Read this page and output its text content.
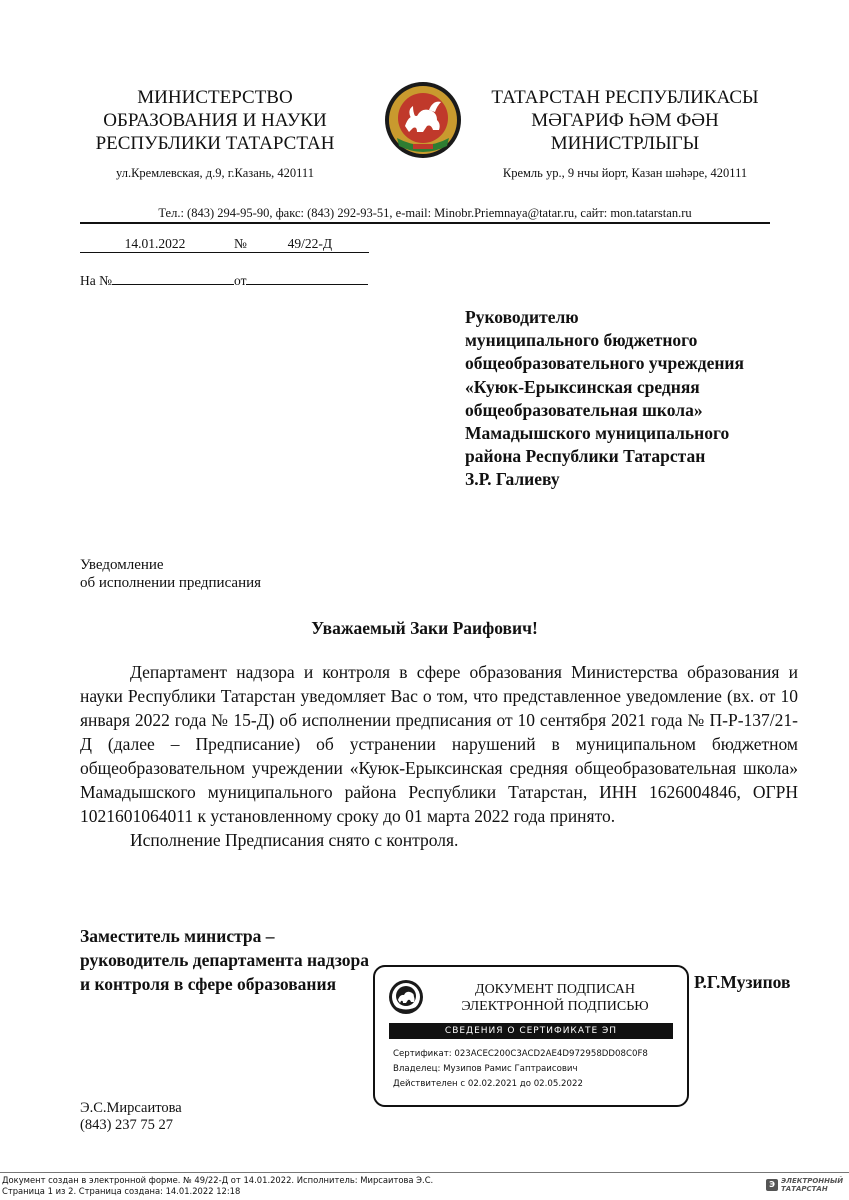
МИНИСТЕРСТВО
ОБРАЗОВАНИЯ И НАУКИ
РЕСПУБЛИКИ ТАТАРСТАН
ТАТАРСТАН РЕСПУБЛИКАСЫ
МӘГАРИФ ҺӘМ ФӘН
МИНИСТРЛЫГЫ
ул.Кремлевская, д.9, г.Казань, 420111	Кремль ур., 9 нчы йорт, Казан шәһәре, 420111
Тел.: (843) 294-95-90, факс: (843) 292-93-51, e-mail: Minobr.Priemnaya@tatar.ru, сайт: mon.tatarstan.ru
14.01.2022	№	49/22-Д
На №	от
Руководителю
муниципального бюджетного
общеобразовательного учреждения
«Куюк-Ерыксинская средняя
общеобразовательная школа»
Мамадышского муниципального
района Республики Татарстан
З.Р. Галиеву
Уведомление
об исполнении предписания
Уважаемый Заки Раифович!

Департамент надзора и контроля в сфере образования Министерства образования и науки Республики Татарстан уведомляет Вас о том, что представленное уведомление (вх. от 10 января 2022 года № 15-Д) об исполнении предписания от 10 сентября 2021 года № П-Р-137/21-Д (далее – Предписание) об устранении нарушений в муниципальном бюджетном общеобразовательном учреждении «Куюк-Ерыксинская средняя общеобразовательная школа» Мамадышского муниципального района Республики Татарстан, ИНН 1626004846, ОГРН 1021601064011 к установленному сроку до 01 марта 2022 года принято.

Исполнение Предписания снято с контроля.

Заместитель министра –
руководитель департамента надзора
и контроля в сфере образования	Р.Г.Музипов
ДОКУМЕНТ ПОДПИСАН
ЭЛЕКТРОННОЙ ПОДПИСЬЮ
СВЕДЕНИЯ О СЕРТИФИКАТЕ ЭП
Сертификат: 023ACEC200C3ACD2AE4D972958DD08C0F8
Владелец: Музипов Рамис Гаптраисович
Действителен с 02.02.2021 до 02.05.2022
Э.С.Мирсаитова
(843) 237 75 27
Документ создан в электронной форме. № 49/22-Д от 14.01.2022. Исполнитель: Мирсаитова Э.С.
Страница 1 из 2. Страница создана: 14.01.2022 12:18
Э ЭЛЕКТРОННЫЙ
ТАТАРСТАН
